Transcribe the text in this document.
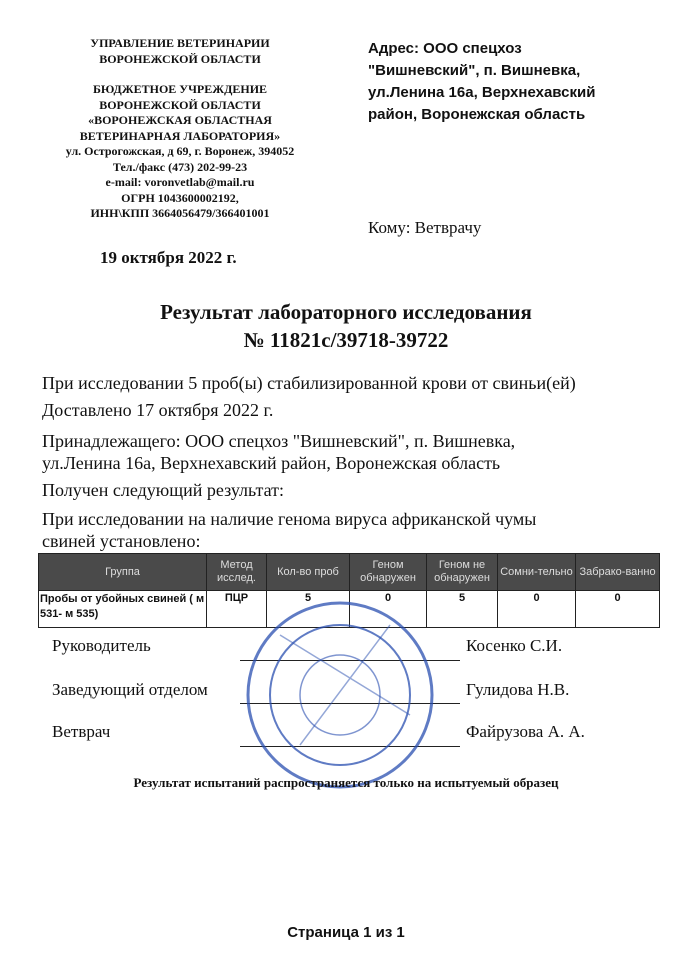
УПРАВЛЕНИЕ ВЕТЕРИНАРИИ
ВОРОНЕЖСКОЙ ОБЛАСТИ
БЮДЖЕТНОЕ УЧРЕЖДЕНИЕ
ВОРОНЕЖСКОЙ ОБЛАСТИ
«ВОРОНЕЖСКАЯ ОБЛАСТНАЯ
ВЕТЕРИНАРНАЯ ЛАБОРАТОРИЯ»
ул. Острогожская, д 69, г. Воронеж, 394052
Тел./факс (473) 202-99-23
e-mail: voronvetlab@mail.ru
ОГРН 1043600002192,
ИНН\КПП 3664056479/366401001
Адрес: ООО спецхоз
"Вишневский", п. Вишневка,
ул.Ленина 16а, Верхнехавский
район, Воронежская область
Кому: Ветврачу
19 октября 2022 г.
Результат лабораторного исследования
№ 11821с/39718-39722
При исследовании 5 проб(ы) стабилизированной крови от свиньи(ей)
Доставлено 17 октября 2022 г.
Принадлежащего: ООО спецхоз "Вишневский", п. Вишневка,
ул.Ленина 16а, Верхнехавский район, Воронежская область
Получен следующий результат:
При исследовании на наличие генома вируса африканской чумы
свиней установлено:
Группа	Метод исслед.	Кол-во проб	Геном обнаружен	Геном не обнаружен	Сомни-тельно	Забрако-ванно
Пробы от убойных свиней ( м 531- м 535)	ПЦР	5	0	5	0	0
Руководитель	Косенко С.И.
Заведующий отделом	Гулидова Н.В.
Ветврач	Файрузова А. А.
Результат испытаний распространяется только на испытуемый образец
Страница 1 из 1
